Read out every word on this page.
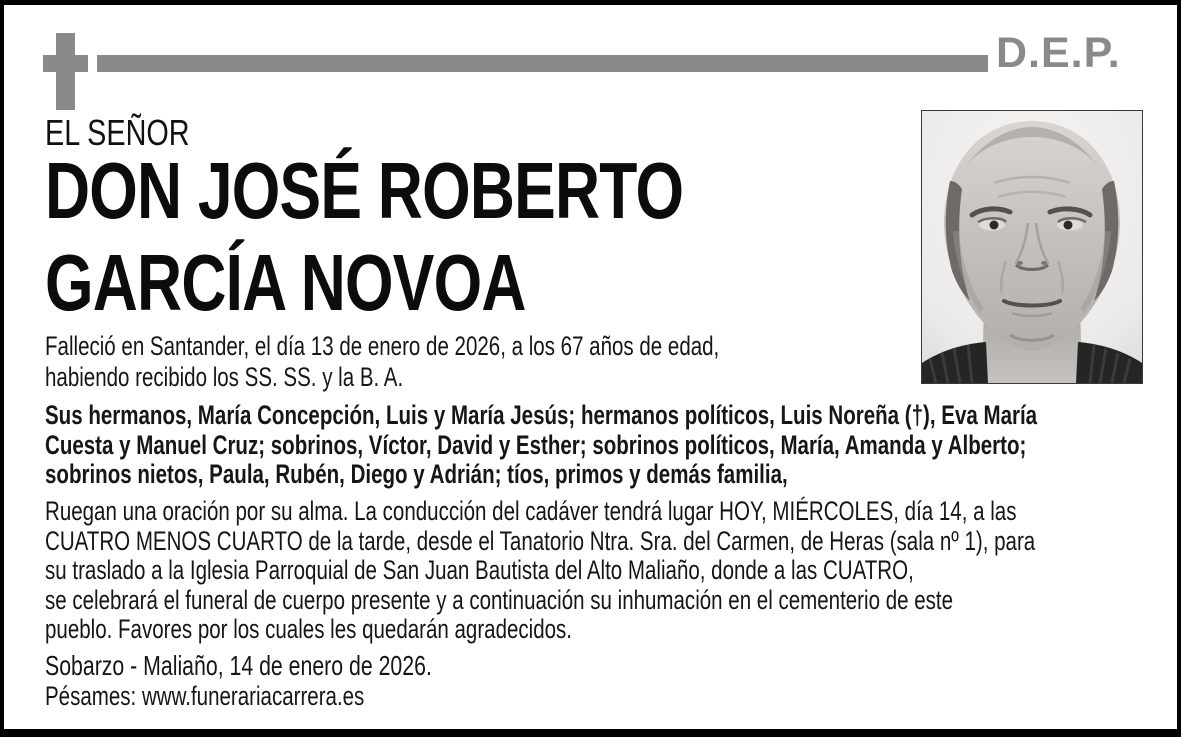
D.E.P.
EL SEÑOR
DON JOSÉ ROBERTO
GARCÍA NOVOA
Falleció en Santander, el día 13 de enero de 2026, a los 67 años de edad,
habiendo recibido los SS. SS. y la B. A.
Sus hermanos, María Concepción, Luis y María Jesús; hermanos políticos, Luis Noreña (†), Eva María
Cuesta y Manuel Cruz; sobrinos, Víctor, David y Esther; sobrinos políticos, María, Amanda y Alberto;
sobrinos nietos, Paula, Rubén, Diego y Adrián; tíos, primos y demás familia,
Ruegan una oración por su alma. La conducción del cadáver tendrá lugar HOY, MIÉRCOLES, día 14, a las
CUATRO MENOS CUARTO de la tarde, desde el Tanatorio Ntra. Sra. del Carmen, de Heras (sala nº 1), para
su traslado a la Iglesia Parroquial de San Juan Bautista del Alto Maliaño, donde a las CUATRO,
se celebrará el funeral de cuerpo presente y a continuación su inhumación en el cementerio de este
pueblo. Favores por los cuales les quedarán agradecidos.
Sobarzo - Maliaño, 14 de enero de 2026.
Pésames: www.funerariacarrera.es
